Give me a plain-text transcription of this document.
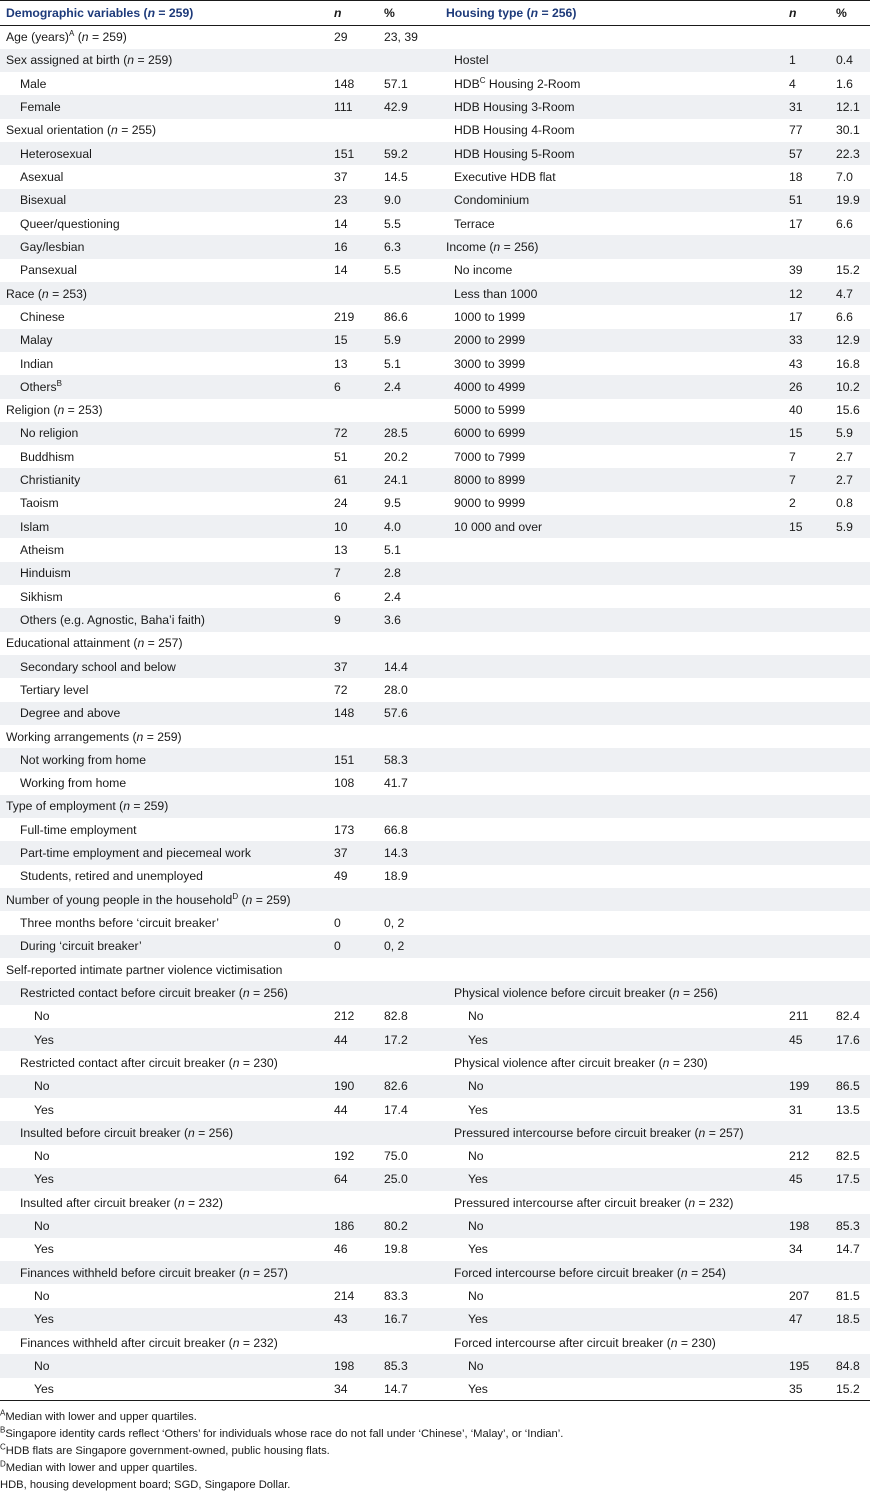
Demographic variables (n = 259)	n	%	Housing type (n = 256)	n	%
Age (years)$^A$ (n = 259)	29	23, 39			
Sex assigned at birth (n = 259)			Hostel	1	0.4
Male	148	57.1	$HDB^C$ Housing 2-Room	4	1.6
Female	111	42.9	HDB Housing 3-Room	31	12.1
Sexual orientation (n = 255)			HDB Housing 4-Room	77	30.1
Heterosexual	151	59.2	HDB Housing 5-Room	57	22.3
Asexual	37	14.5	Executive HDB flat	18	7.0
Bisexual	23	9.0	Condominium	51	19.9
Queer/questioning	14	5.5	Terrace	17	6.6
Gay/lesbian	16	6.3	Income (n = 256)		
Pansexual	14	5.5	No income	39	15.2
Race (n = 253)			Less than 1000	12	4.7
Chinese	219	86.6	1000 to 1999	17	6.6
Malay	15	5.9	2000 to 2999	33	12.9
Indian	13	5.1	3000 to 3999	43	16.8
Others$^B$	6	2.4	4000 to 4999	26	10.2
Religion (n = 253)			5000 to 5999	40	15.6
No religion	72	28.5	6000 to 6999	15	5.9
Buddhism	51	20.2	7000 to 7999	7	2.7
Christianity	61	24.1	8000 to 8999	7	2.7
Taoism	24	9.5	9000 to 9999	2	0.8
Islam	10	4.0	10 000 and over	15	5.9
Atheism	13	5.1			
Hinduism	7	2.8			
Sikhism	6	2.4			
Others (e.g. Agnostic, Baha’i faith)	9	3.6			
Educational attainment (n = 257)					
Secondary school and below	37	14.4			
Tertiary level	72	28.0			
Degree and above	148	57.6			
Working arrangements (n = 259)					
Not working from home	151	58.3			
Working from home	108	41.7			
Type of employment (n = 259)					
Full-time employment	173	66.8			
Part-time employment and piecemeal work	37	14.3			
Students, retired and unemployed	49	18.9			
Number of young people in the household$^D$ (n = 259)					
Three months before ‘circuit breaker’	0	0, 2			
During ‘circuit breaker’	0	0, 2			
Self-reported intimate partner violence victimisation					
Restricted contact before circuit breaker (n = 256)			Physical violence before circuit breaker (n = 256)		
No	212	82.8	No	211	82.4
Yes	44	17.2	Yes	45	17.6
Restricted contact after circuit breaker (n = 230)			Physical violence after circuit breaker (n = 230)		
No	190	82.6	No	199	86.5
Yes	44	17.4	Yes	31	13.5
Insulted before circuit breaker (n = 256)			Pressured intercourse before circuit breaker (n = 257)		
No	192	75.0	No	212	82.5
Yes	64	25.0	Yes	45	17.5
Insulted after circuit breaker (n = 232)			Pressured intercourse after circuit breaker (n = 232)		
No	186	80.2	No	198	85.3
Yes	46	19.8	Yes	34	14.7
Finances withheld before circuit breaker (n = 257)			Forced intercourse before circuit breaker (n = 254)		
No	214	83.3	No	207	81.5
Yes	43	16.7	Yes	47	18.5
Finances withheld after circuit breaker (n = 232)			Forced intercourse after circuit breaker (n = 230)		
No	198	85.3	No	195	84.8
Yes	34	14.7	Yes	35	15.2
$^A$Median with lower and upper quartiles.
$^B$Singapore identity cards reflect ‘Others’ for individuals whose race do not fall under ‘Chinese’, ‘Malay’, or ‘Indian’.
$^C$HDB flats are Singapore government-owned, public housing flats.
$^D$Median with lower and upper quartiles.
HDB, housing development board; SGD, Singapore Dollar.
